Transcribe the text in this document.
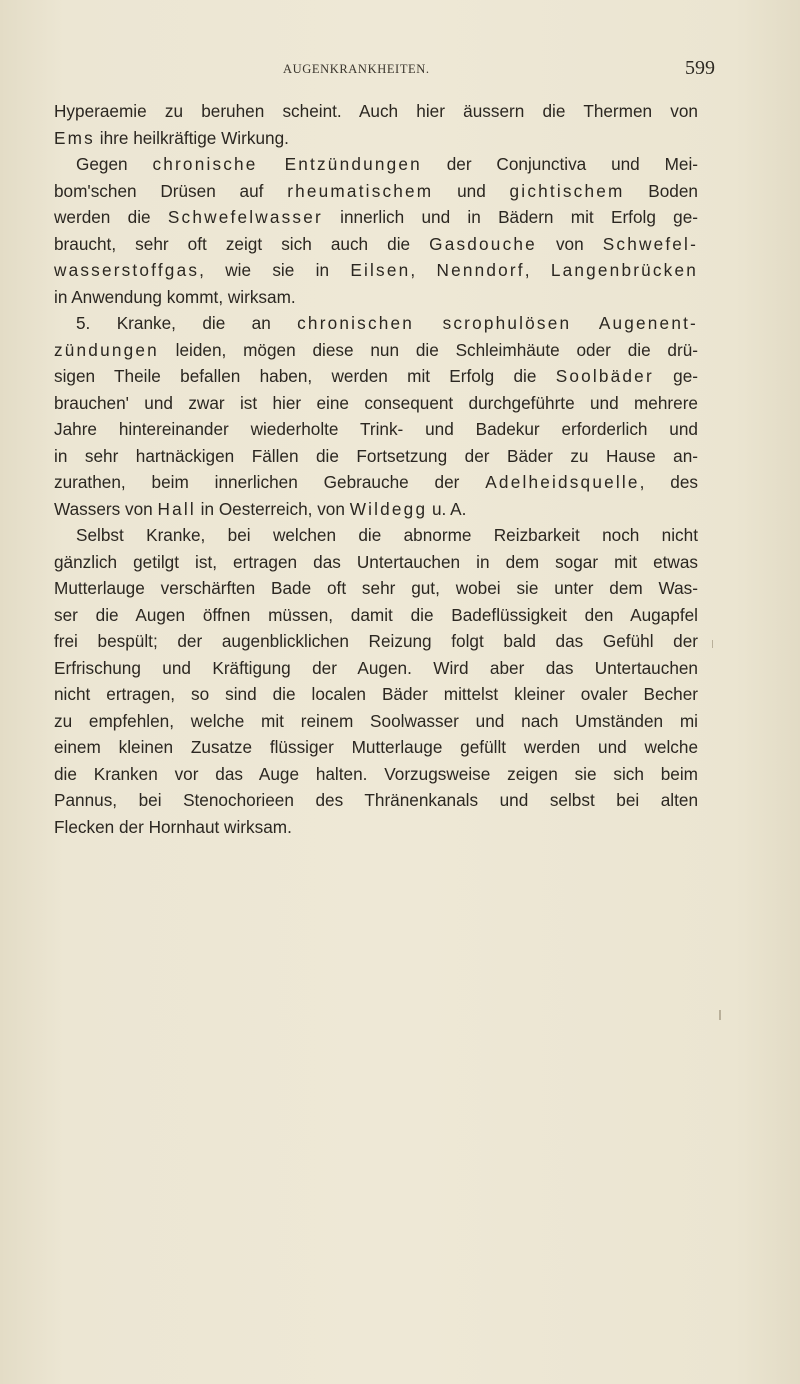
AUGENKRANKHEITEN.	599
Hyperaemie zu beruhen scheint. Auch hier äussern die Thermen von
Ems ihre heilkräftige Wirkung.
Gegen chronische Entzündungen der Conjunctiva und Mei-
bom'schen Drüsen auf rheumatischem und gichtischem Boden
werden die Schwefelwasser innerlich und in Bädern mit Erfolg ge-
braucht, sehr oft zeigt sich auch die Gasdouche von Schwefel-
wasserstoffgas, wie sie in Eilsen, Nenndorf, Langenbrücken
in Anwendung kommt, wirksam.
5. Kranke, die an chronischen scrophulösen Augenent-
zündungen leiden, mögen diese nun die Schleimhäute oder die drü-
sigen Theile befallen haben, werden mit Erfolg die Soolbäder ge-
brauchen' und zwar ist hier eine consequent durchgeführte und mehrere
Jahre hintereinander wiederholte Trink- und Badekur erforderlich und
in sehr hartnäckigen Fällen die Fortsetzung der Bäder zu Hause an-
zurathen, beim innerlichen Gebrauche der Adelheidsquelle, des
Wassers von Hall in Oesterreich, von Wildegg u. A.
Selbst Kranke, bei welchen die abnorme Reizbarkeit noch nicht
gänzlich getilgt ist, ertragen das Untertauchen in dem sogar mit etwas
Mutterlauge verschärften Bade oft sehr gut, wobei sie unter dem Was-
ser die Augen öffnen müssen, damit die Badeflüssigkeit den Augapfel
frei bespült; der augenblicklichen Reizung folgt bald das Gefühl der
Erfrischung und Kräftigung der Augen. Wird aber das Untertauchen
nicht ertragen, so sind die localen Bäder mittelst kleiner ovaler Becher
zu empfehlen, welche mit reinem Soolwasser und nach Umständen mi
einem kleinen Zusatze flüssiger Mutterlauge gefüllt werden und welche
die Kranken vor das Auge halten. Vorzugsweise zeigen sie sich beim
Pannus, bei Stenochorieen des Thränenkanals und selbst bei alten
Flecken der Hornhaut wirksam.
